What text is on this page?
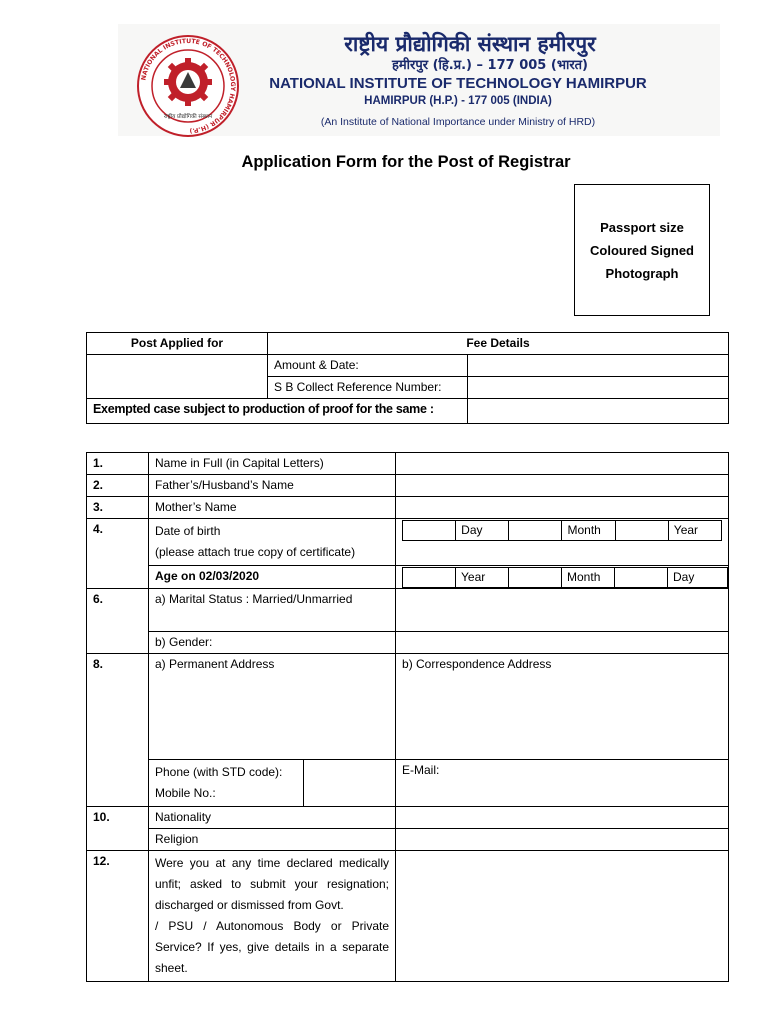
NATIONAL INSTITUTE OF TECHNOLOGY HAMIRPUR (H.P.)
राष्ट्रीय प्रौद्योगिकी संस्थान
राष्ट्रीय प्रौद्योगिकी संस्थान हमीरपुर
हमीरपुर (हि.प्र.) – 177 005 (भारत)
NATIONAL INSTITUTE OF TECHNOLOGY HAMIRPUR
HAMIRPUR (H.P.) - 177 005 (INDIA)
(An Institute of National Importance under Ministry of HRD)
Application Form for the Post of Registrar
Passport size
Coloured Signed
Photograph
Post Applied for	Fee Details	
	Amount & Date:	
	S B Collect Reference Number:	
Exempted case subject to production of proof for the same :		
1.	Name in Full (in Capital Letters)	
2.	Father’s/Husband’s Name	
3.	Mother’s Name	
4.	Date of birth
(please attach true copy of certificate)

	Day		Month		Year

Age on 02/03/2020	
		Year		Month		Day

6.	a) Marital Status : Married/Unmarried	
b) Gender:	
8.	a) Permanent Address	b) Correspondence Address

Phone (with STD code):
Mobile No.:
		E-Mail:
10.	Nationality	
Religion	
12.	Were you at any time declared medically unfit; asked to submit your resignation; discharged or dismissed from Govt.
/ PSU / Autonomous Body or Private Service? If yes, give details in a separate sheet.
